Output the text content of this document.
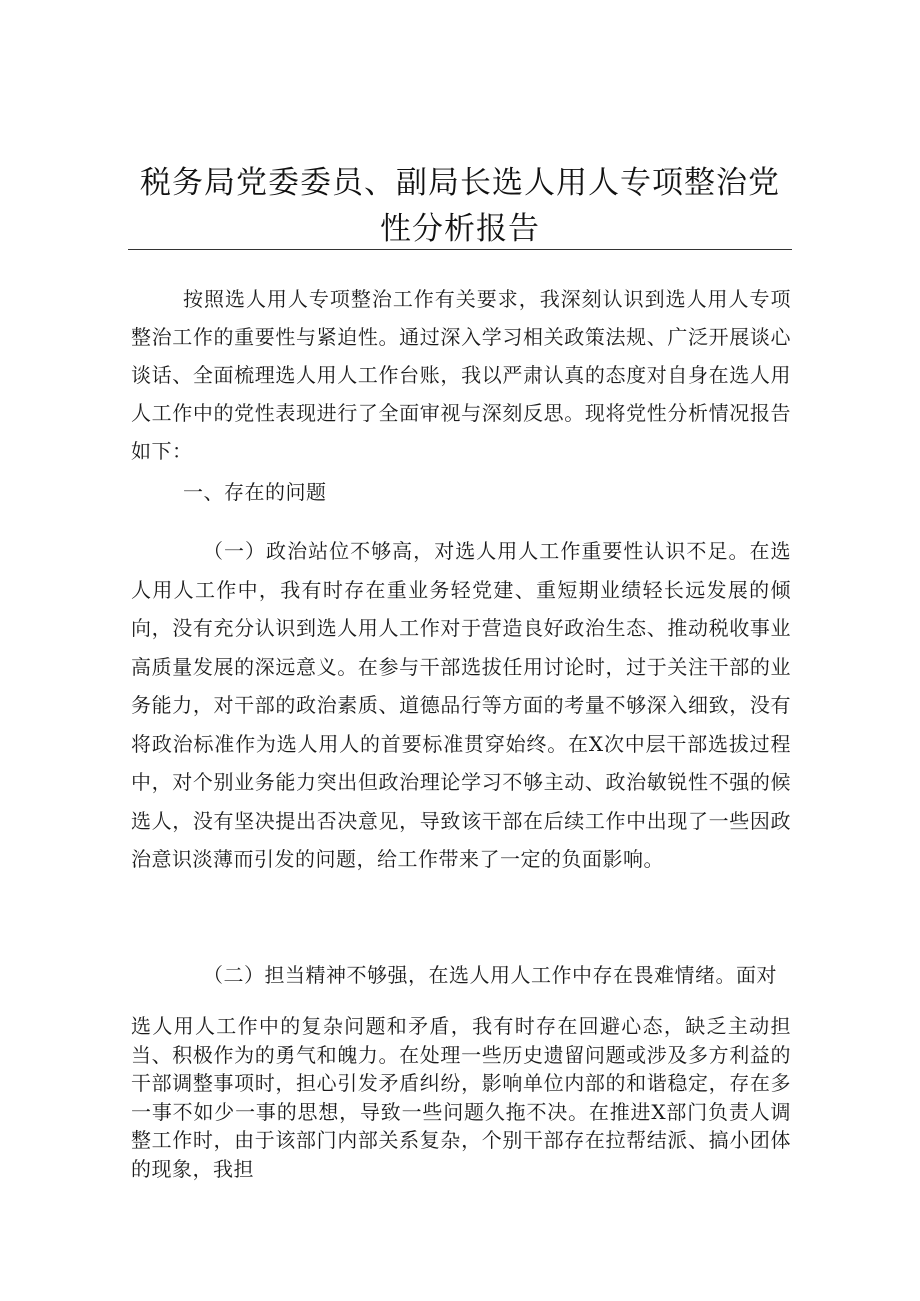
税务局党委委员、副局长选人用人专项整治党
性分析报告

按照选人用人专项整治工作有关要求，我深刻认识到选人用人专项整治工作的重要性与紧迫性。通过深入学习相关政策法规、广泛开展谈心谈话、全面梳理选人用人工作台账，我以严肃认真的态度对自身在选人用人工作中的党性表现进行了全面审视与深刻反思。现将党性分析情况报告如下：

一、存在的问题

（一）政治站位不够高，对选人用人工作重要性认识不足。在选人用人工作中，我有时存在重业务轻党建、重短期业绩轻长远发展的倾向，没有充分认识到选人用人工作对于营造良好政治生态、推动税收事业高质量发展的深远意义。在参与干部选拔任用讨论时，过于关注干部的业务能力，对干部的政治素质、道德品行等方面的考量不够深入细致，没有将政治标准作为选人用人的首要标准贯穿始终。在X次中层干部选拔过程中，对个别业务能力突出但政治理论学习不够主动、政治敏锐性不强的候选人，没有坚决提出否决意见，导致该干部在后续工作中出现了一些因政治意识淡薄而引发的问题，给工作带来了一定的负面影响。

（二）担当精神不够强，在选人用人工作中存在畏难情绪。面对

选人用人工作中的复杂问题和矛盾，我有时存在回避心态，缺乏主动担当、积极作为的勇气和魄力。在处理一些历史遗留问题或涉及多方利益的干部调整事项时，担心引发矛盾纠纷，影响单位内部的和谐稳定，存在多一事不如少一事的思想，导致一些问题久拖不决。在推进X部门负责人调整工作时，由于该部门内部关系复杂，个别干部存在拉帮结派、搞小团体的现象，我担
